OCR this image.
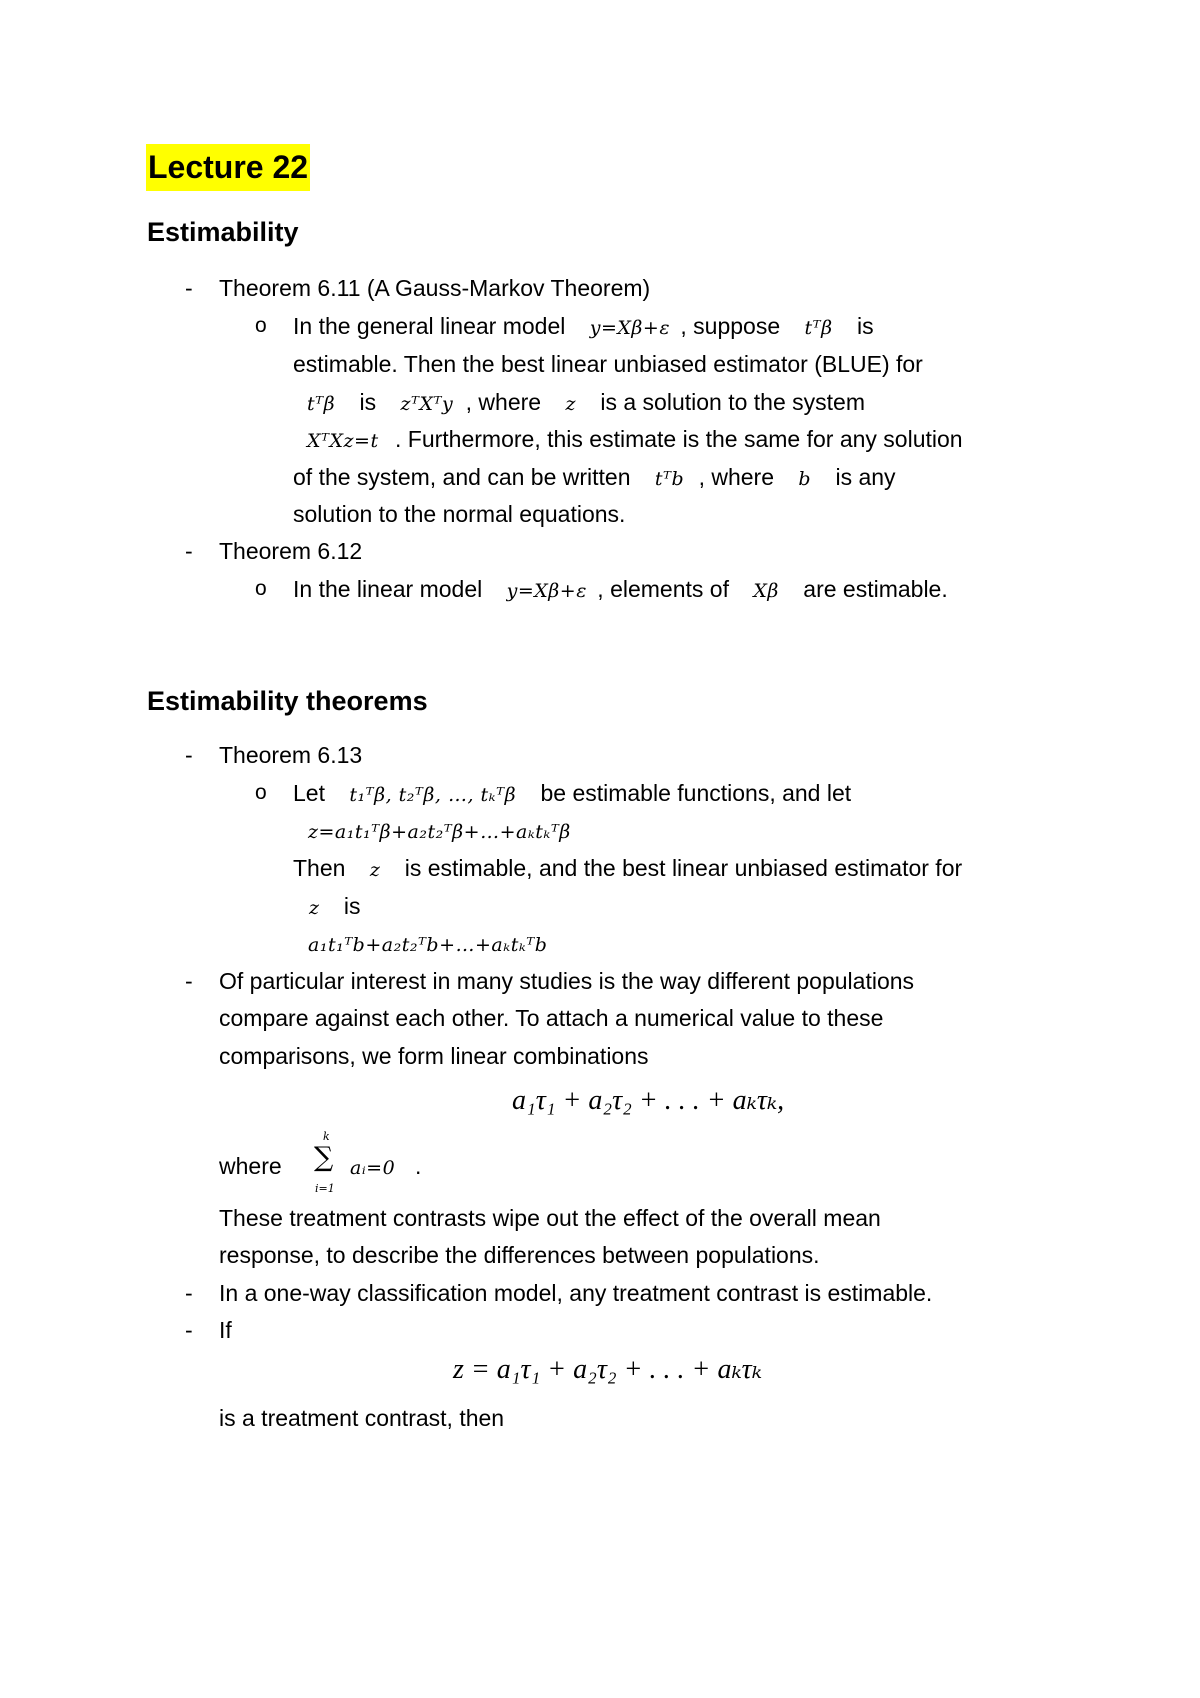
Lecture 22
Estimability
- Theorem 6.11 (A Gauss-Markov Theorem)
o In the general linear model y=Xβ+ε , suppose tᵀβ is
estimable. Then the best linear unbiased estimator (BLUE) for
tᵀβ is zᵀXᵀy , where z is a solution to the system
XᵀXz=t . Furthermore, this estimate is the same for any solution
of the system, and can be written tᵀb , where b is any
solution to the normal equations.
- Theorem 6.12
o In the linear model y=Xβ+ε , elements of Xβ are estimable.
Estimability theorems
- Theorem 6.13
o Let t₁ᵀβ, t₂ᵀβ, …, tₖᵀβ be estimable functions, and let
z=a₁t₁ᵀβ+a₂t₂ᵀβ+…+aₖtₖᵀβ
Then z is estimable, and the best linear unbiased estimator for
z is
a₁t₁ᵀb+a₂t₂ᵀb+…+aₖtₖᵀb
- Of particular interest in many studies is the way different populations
compare against each other. To attach a numerical value to these
comparisons, we form linear combinations
a₁τ₁ + a₂τ₂ + . . . + aₖτₖ,
where
k
∑
i=1
aᵢ=0 .
These treatment contrasts wipe out the effect of the overall mean
response, to describe the differences between populations.
- In a one-way classification model, any treatment contrast is estimable.
- If
z = a₁τ₁ + a₂τ₂ + . . . + aₖτₖ
is a treatment contrast, then
